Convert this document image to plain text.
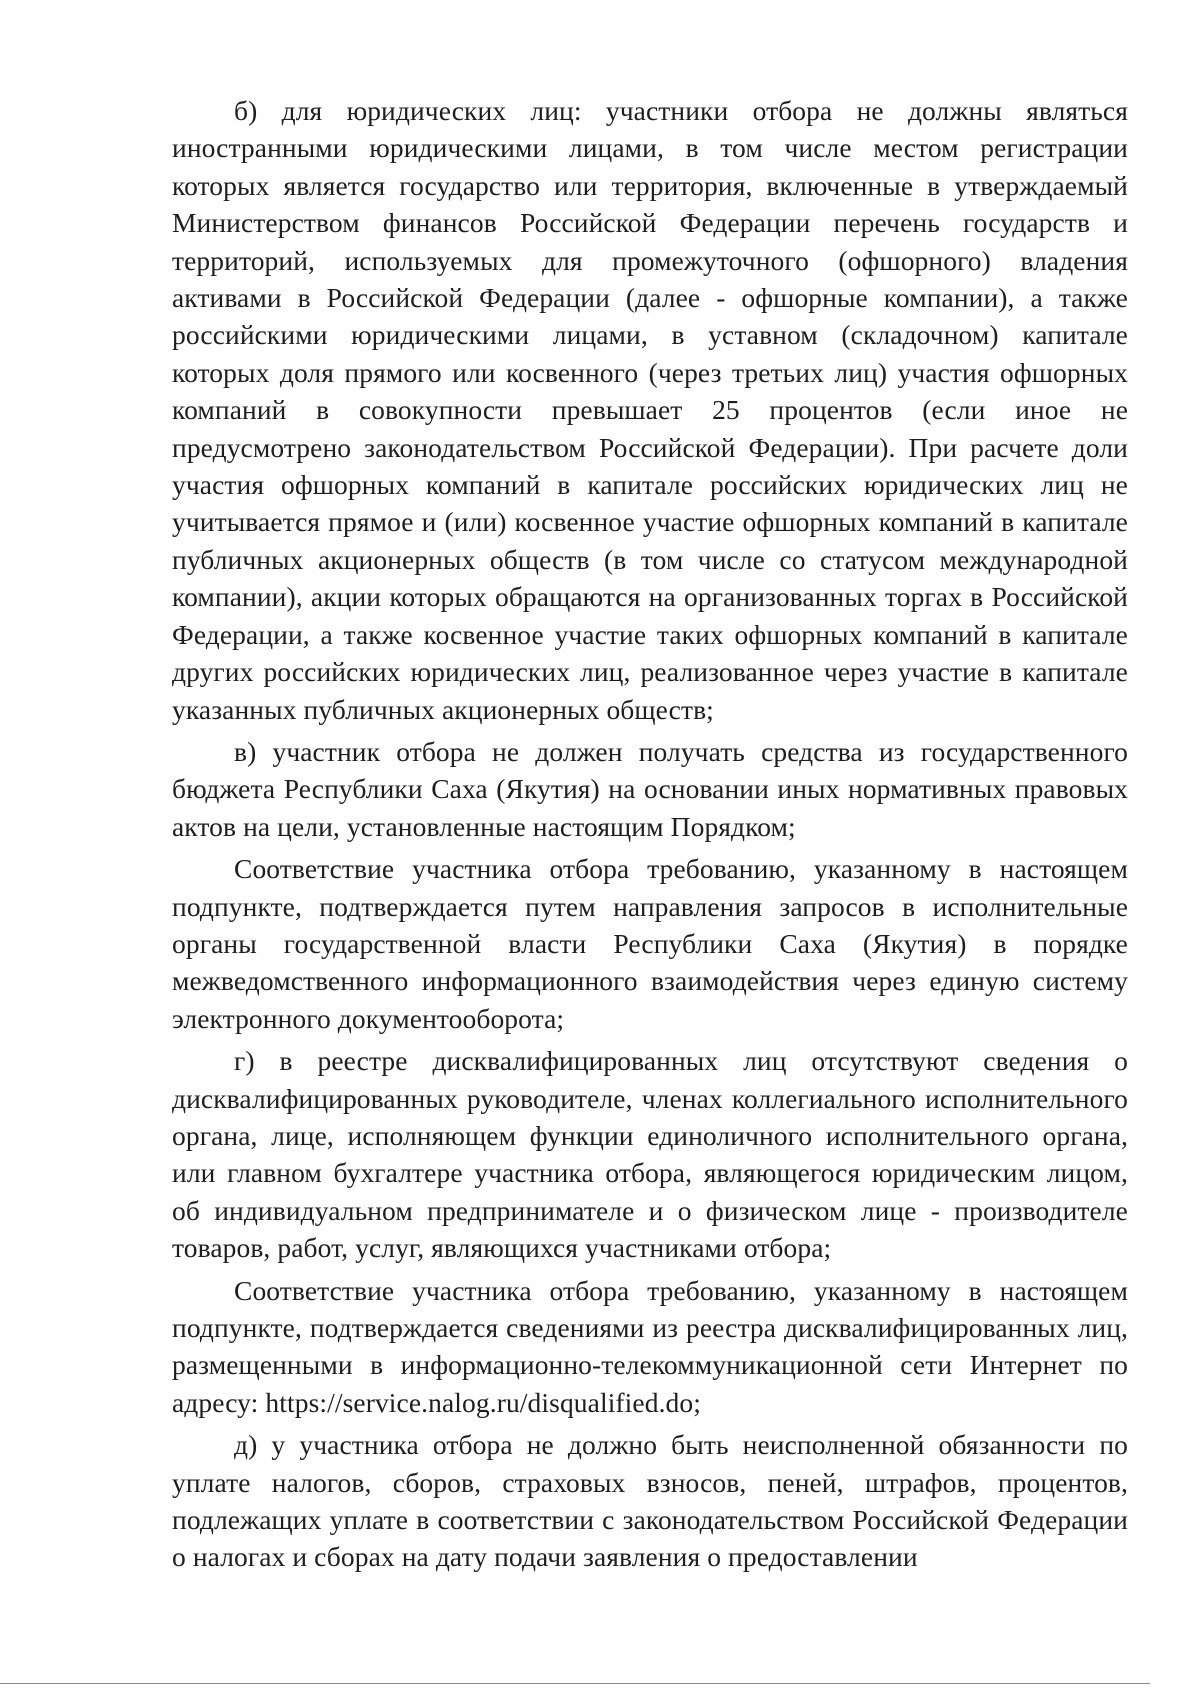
б) для юридических лиц: участники отбора не должны являться иностранными юридическими лицами, в том числе местом регистрации которых является государство или территория, включенные в утверждаемый Министерством финансов Российской Федерации перечень государств и территорий, используемых для промежуточного (офшорного) владения активами в Российской Федерации (далее - офшорные компании), а также российскими юридическими лицами, в уставном (складочном) капитале которых доля прямого или косвенного (через третьих лиц) участия офшорных компаний в совокупности превышает 25 процентов (если иное не предусмотрено законодательством Российской Федерации). При расчете доли участия офшорных компаний в капитале российских юридических лиц не учитывается прямое и (или) косвенное участие офшорных компаний в капитале публичных акционерных обществ (в том числе со статусом международной компании), акции которых обращаются на организованных торгах в Российской Федерации, а также косвенное участие таких офшорных компаний в капитале других российских юридических лиц, реализованное через участие в капитале указанных публичных акционерных обществ;

в) участник отбора не должен получать средства из государственного бюджета Республики Саха (Якутия) на основании иных нормативных правовых актов на цели, установленные настоящим Порядком;

Соответствие участника отбора требованию, указанному в настоящем подпункте, подтверждается путем направления запросов в исполнительные органы государственной власти Республики Саха (Якутия) в порядке межведомственного информационного взаимодействия через единую систему электронного документооборота;

г) в реестре дисквалифицированных лиц отсутствуют сведения о дисквалифицированных руководителе, членах коллегиального исполнительного органа, лице, исполняющем функции единоличного исполнительного органа, или главном бухгалтере участника отбора, являющегося юридическим лицом, об индивидуальном предпринимателе и о физическом лице - производителе товаров, работ, услуг, являющихся участниками отбора;

Соответствие участника отбора требованию, указанному в настоящем подпункте, подтверждается сведениями из реестра дисквалифицированных лиц, размещенными в информационно-телекоммуникационной сети Интернет по адресу: https://service.nalog.ru/disqualified.do;

д) у участника отбора не должно быть неисполненной обязанности по уплате налогов, сборов, страховых взносов, пеней, штрафов, процентов, подлежащих уплате в соответствии с законодательством Российской Федерации о налогах и сборах на дату подачи заявления о предоставлении
